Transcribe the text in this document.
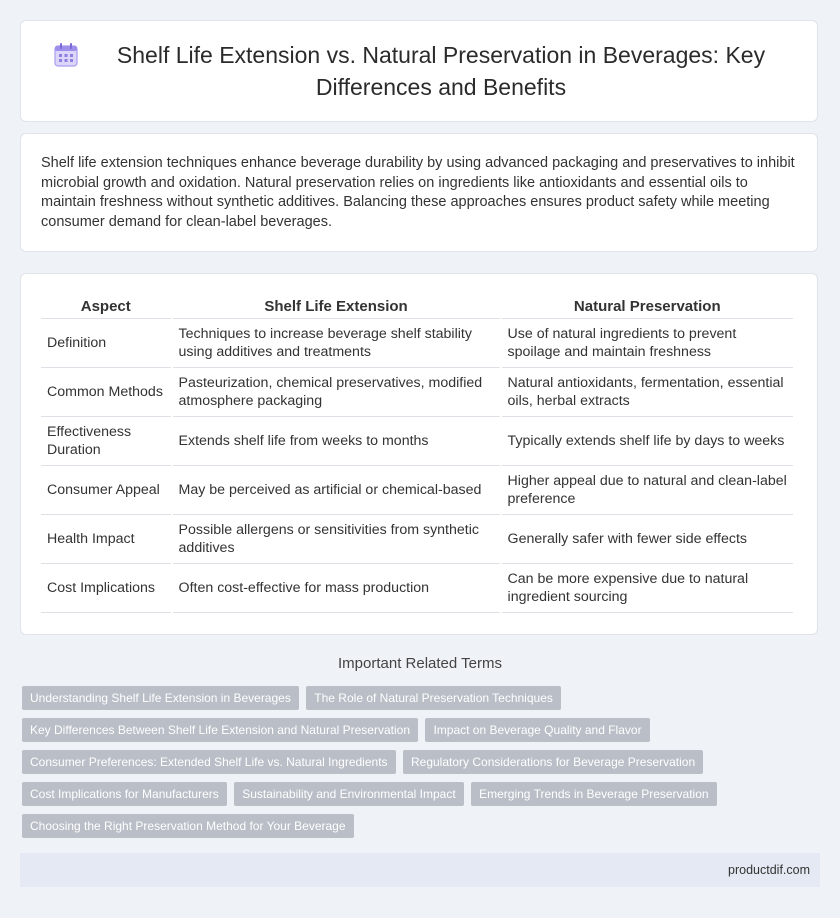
Shelf Life Extension vs. Natural Preservation in Beverages: Key Differences and Benefits

Shelf life extension techniques enhance beverage durability by using advanced packaging and preservatives to inhibit microbial growth and oxidation. Natural preservation relies on ingredients like antioxidants and essential oils to maintain freshness without synthetic additives. Balancing these approaches ensures product safety while meeting consumer demand for clean-label beverages.

Aspect	Shelf Life Extension	Natural Preservation
Definition	Techniques to increase beverage shelf stability using additives and treatments	Use of natural ingredients to prevent spoilage and maintain freshness
Common Methods	Pasteurization, chemical preservatives, modified atmosphere packaging	Natural antioxidants, fermentation, essential oils, herbal extracts
Effectiveness Duration	Extends shelf life from weeks to months	Typically extends shelf life by days to weeks
Consumer Appeal	May be perceived as artificial or chemical-based	Higher appeal due to natural and clean-label preference
Health Impact	Possible allergens or sensitivities from synthetic additives	Generally safer with fewer side effects
Cost Implications	Often cost-effective for mass production	Can be more expensive due to natural ingredient sourcing
Important Related Terms
Understanding Shelf Life Extension in Beverages The Role of Natural Preservation Techniques
Key Differences Between Shelf Life Extension and Natural Preservation Impact on Beverage Quality and Flavor
Consumer Preferences: Extended Shelf Life vs. Natural Ingredients Regulatory Considerations for Beverage Preservation
Cost Implications for Manufacturers Sustainability and Environmental Impact Emerging Trends in Beverage Preservation
Choosing the Right Preservation Method for Your Beverage
productdif.com
